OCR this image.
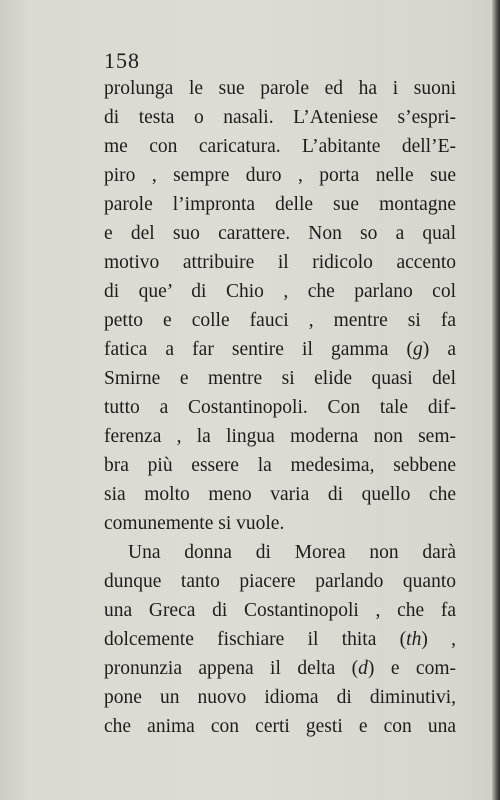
158
prolunga le sue parole ed ha i suoni
di testa o nasali. L’Ateniese s’espri-
me con caricatura. L’abitante dell’E-
piro , sempre duro , porta nelle sue
parole l’impronta delle sue montagne
e del suo carattere. Non so a qual
motivo attribuire il ridicolo accento
di que’ di Chio , che parlano col
petto e colle fauci , mentre si fa
fatica a far sentire il gamma (g) a
Smirne e mentre si elide quasi del
tutto a Costantinopoli. Con tale dif-
ferenza , la lingua moderna non sem-
bra più essere la medesima, sebbene
sia molto meno varia di quello che
comunemente si vuole.
Una donna di Morea non darà
dunque tanto piacere parlando quanto
una Greca di Costantinopoli , che fa
dolcemente fischiare il thita (th) ,
pronunzia appena il delta (d) e com-
pone un nuovo idioma di diminutivi,
che anima con certi gesti e con una
